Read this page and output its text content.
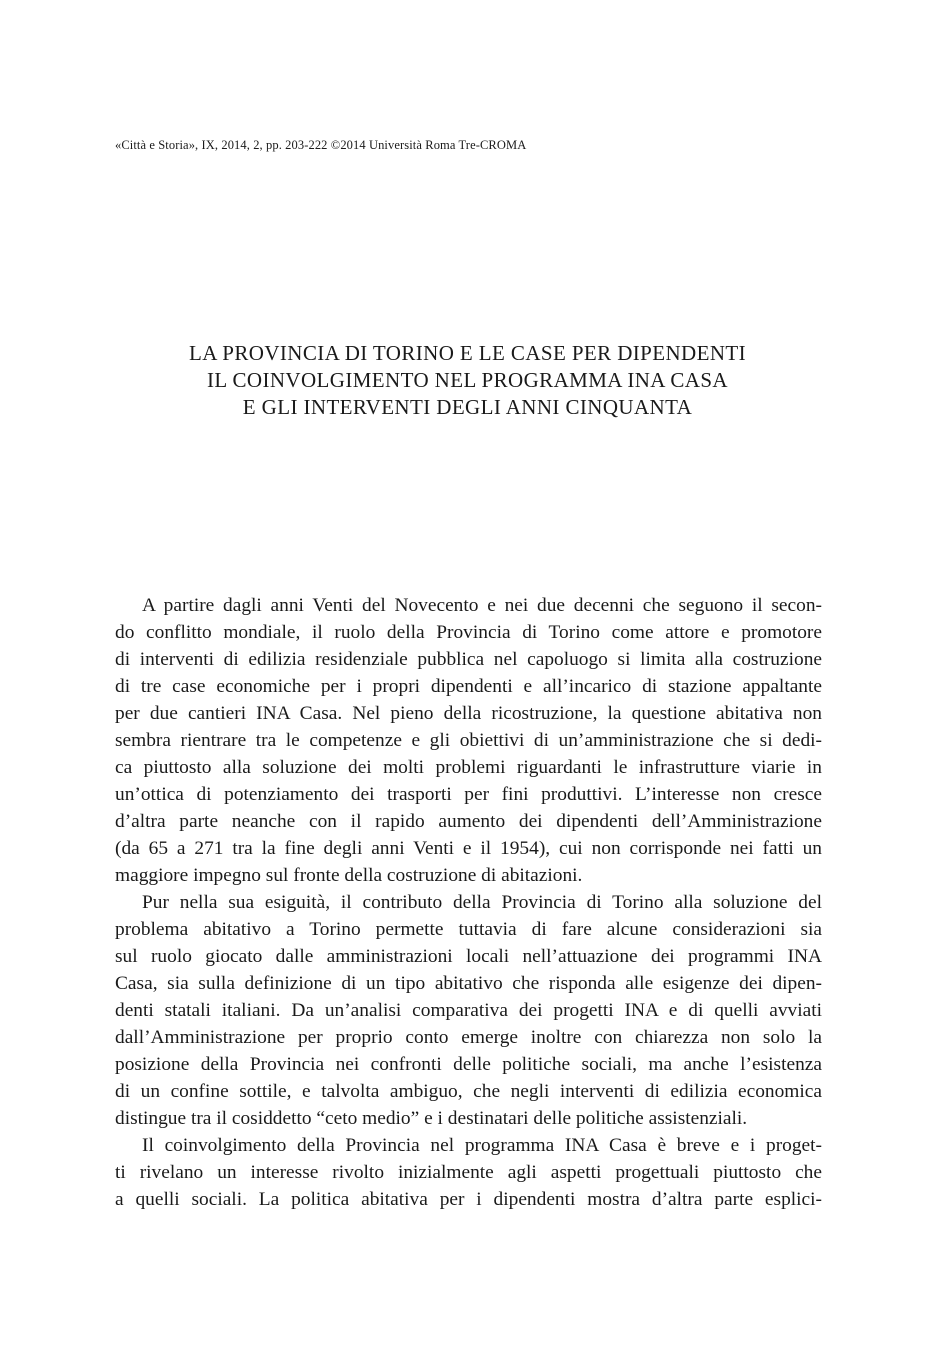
«Città e Storia», IX, 2014, 2, pp. 203-222 ©2014 Università Roma Tre-CROMA
LA PROVINCIA DI TORINO E LE CASE PER DIPENDENTI
IL COINVOLGIMENTO NEL PROGRAMMA INA CASA
E GLI INTERVENTI DEGLI ANNI CINQUANTA
A partire dagli anni Venti del Novecento e nei due decenni che seguono il secon-
do conflitto mondiale, il ruolo della Provincia di Torino come attore e promotore
di interventi di edilizia residenziale pubblica nel capoluogo si limita alla costruzione
di tre case economiche per i propri dipendenti e all’incarico di stazione appaltante
per due cantieri INA Casa. Nel pieno della ricostruzione, la questione abitativa non
sembra rientrare tra le competenze e gli obiettivi di un’amministrazione che si dedi-
ca piuttosto alla soluzione dei molti problemi riguardanti le infrastrutture viarie in
un’ottica di potenziamento dei trasporti per fini produttivi. L’interesse non cresce
d’altra parte neanche con il rapido aumento dei dipendenti dell’Amministrazione
(da 65 a 271 tra la fine degli anni Venti e il 1954), cui non corrisponde nei fatti un
maggiore impegno sul fronte della costruzione di abitazioni.
Pur nella sua esiguità, il contributo della Provincia di Torino alla soluzione del
problema abitativo a Torino permette tuttavia di fare alcune considerazioni sia
sul ruolo giocato dalle amministrazioni locali nell’attuazione dei programmi INA
Casa, sia sulla definizione di un tipo abitativo che risponda alle esigenze dei dipen-
denti statali italiani. Da un’analisi comparativa dei progetti INA e di quelli avviati
dall’Amministrazione per proprio conto emerge inoltre con chiarezza non solo la
posizione della Provincia nei confronti delle politiche sociali, ma anche l’esistenza
di un confine sottile, e talvolta ambiguo, che negli interventi di edilizia economica
distingue tra il cosiddetto “ceto medio” e i destinatari delle politiche assistenziali.
Il coinvolgimento della Provincia nel programma INA Casa è breve e i proget-
ti rivelano un interesse rivolto inizialmente agli aspetti progettuali piuttosto che
a quelli sociali. La politica abitativa per i dipendenti mostra d’altra parte esplici-
